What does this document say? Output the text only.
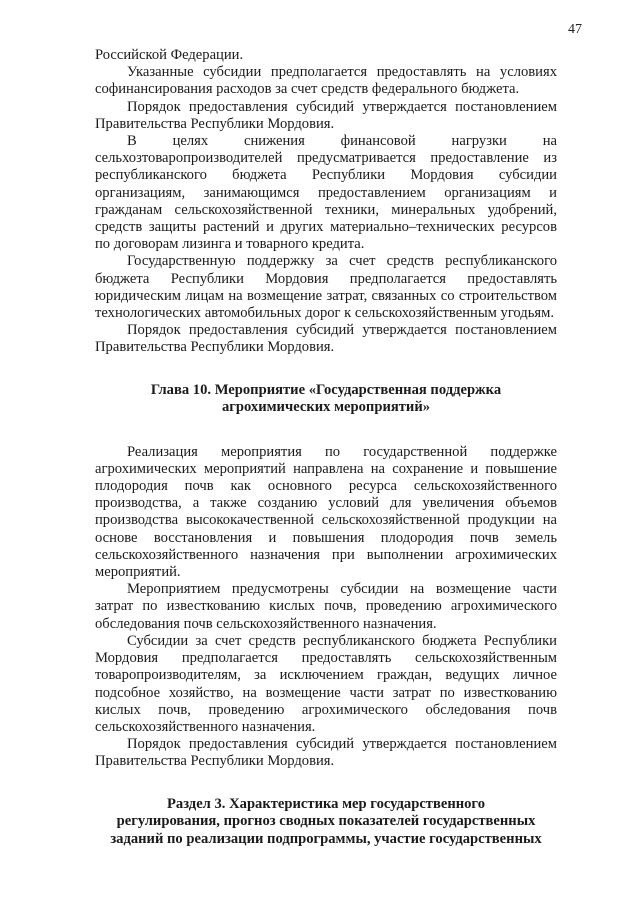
47

Российской Федерации.

Указанные субсидии предполагается предоставлять на условиях софинансирования расходов за счет средств федерального бюджета.

Порядок предоставления субсидий утверждается постановлением Правительства Республики Мордовия.

В целях снижения финансовой нагрузки на сельхозтоваропроизводителей предусматривается предоставление из республиканского бюджета Республики Мордовия субсидии организациям, занимающимся предоставлением организациям и гражданам сельскохозяйственной техники, минеральных удобрений, средств защиты растений и других материально–технических ресурсов по договорам лизинга и товарного кредита.

Государственную поддержку за счет средств республиканского бюджета Республики Мордовия предполагается предоставлять юридическим лицам на возмещение затрат, связанных со строительством технологических автомобильных дорог к сельскохозяйственным угодьям.

Порядок предоставления субсидий утверждается постановлением Правительства Республики Мордовия.

Глава 10. Мероприятие «Государственная поддержка
агрохимических мероприятий»

Реализация мероприятия по государственной поддержке агрохимических мероприятий направлена на сохранение и повышение плодородия почв как основного ресурса сельскохозяйственного производства, а также созданию условий для увеличения объемов производства высококачественной сельскохозяйственной продукции на основе восстановления и повышения плодородия почв земель сельскохозяйственного назначения при выполнении агрохимических мероприятий.

Мероприятием предусмотрены субсидии на возмещение части затрат по известкованию кислых почв, проведению агрохимического обследования почв сельскохозяйственного назначения.

Субсидии за счет средств республиканского бюджета Республики Мордовия предполагается предоставлять сельскохозяйственным товаропроизводителям, за исключением граждан, ведущих личное подсобное хозяйство, на возмещение части затрат по известкованию кислых почв, проведению агрохимического обследования почв сельскохозяйственного назначения.

Порядок предоставления субсидий утверждается постановлением Правительства Республики Мордовия.

Раздел 3. Характеристика мер государственного
регулирования, прогноз сводных показателей государственных
заданий по реализации подпрограммы, участие государственных
